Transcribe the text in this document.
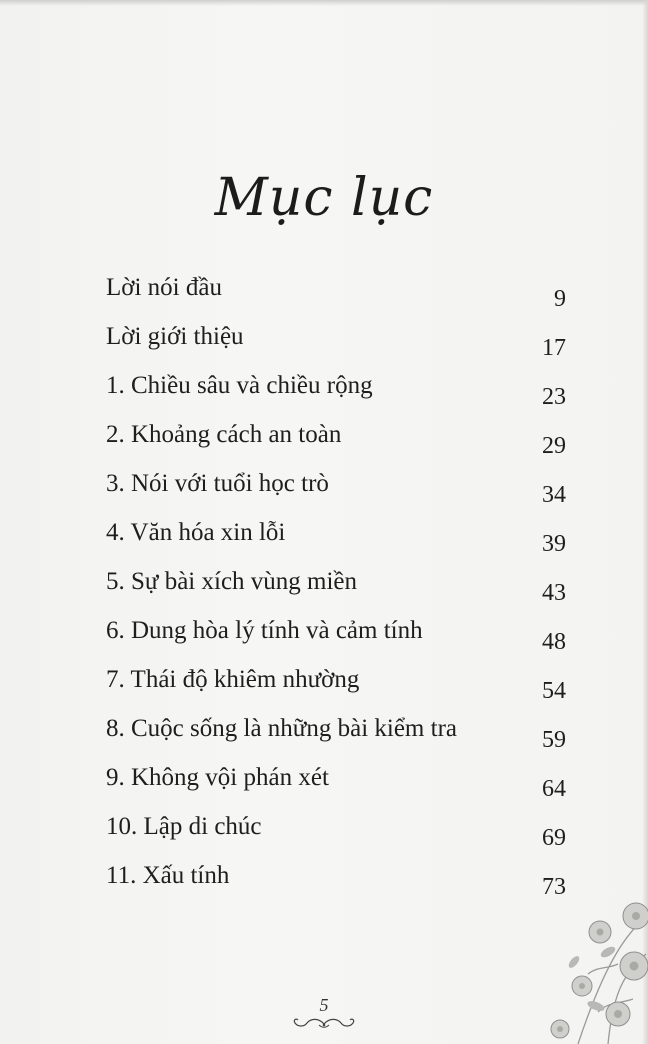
Mục lục
Lời nói đầu	9
Lời giới thiệu	17
1. Chiều sâu và chiều rộng	23
2. Khoảng cách an toàn	29
3. Nói với tuổi học trò	34
4. Văn hóa xin lỗi	39
5. Sự bài xích vùng miền	43
6. Dung hòa lý tính và cảm tính	48
7. Thái độ khiêm nhường	54
8. Cuộc sống là những bài kiểm tra	59
9. Không vội phán xét	64
10. Lập di chúc	69
11. Xấu tính	73
5
